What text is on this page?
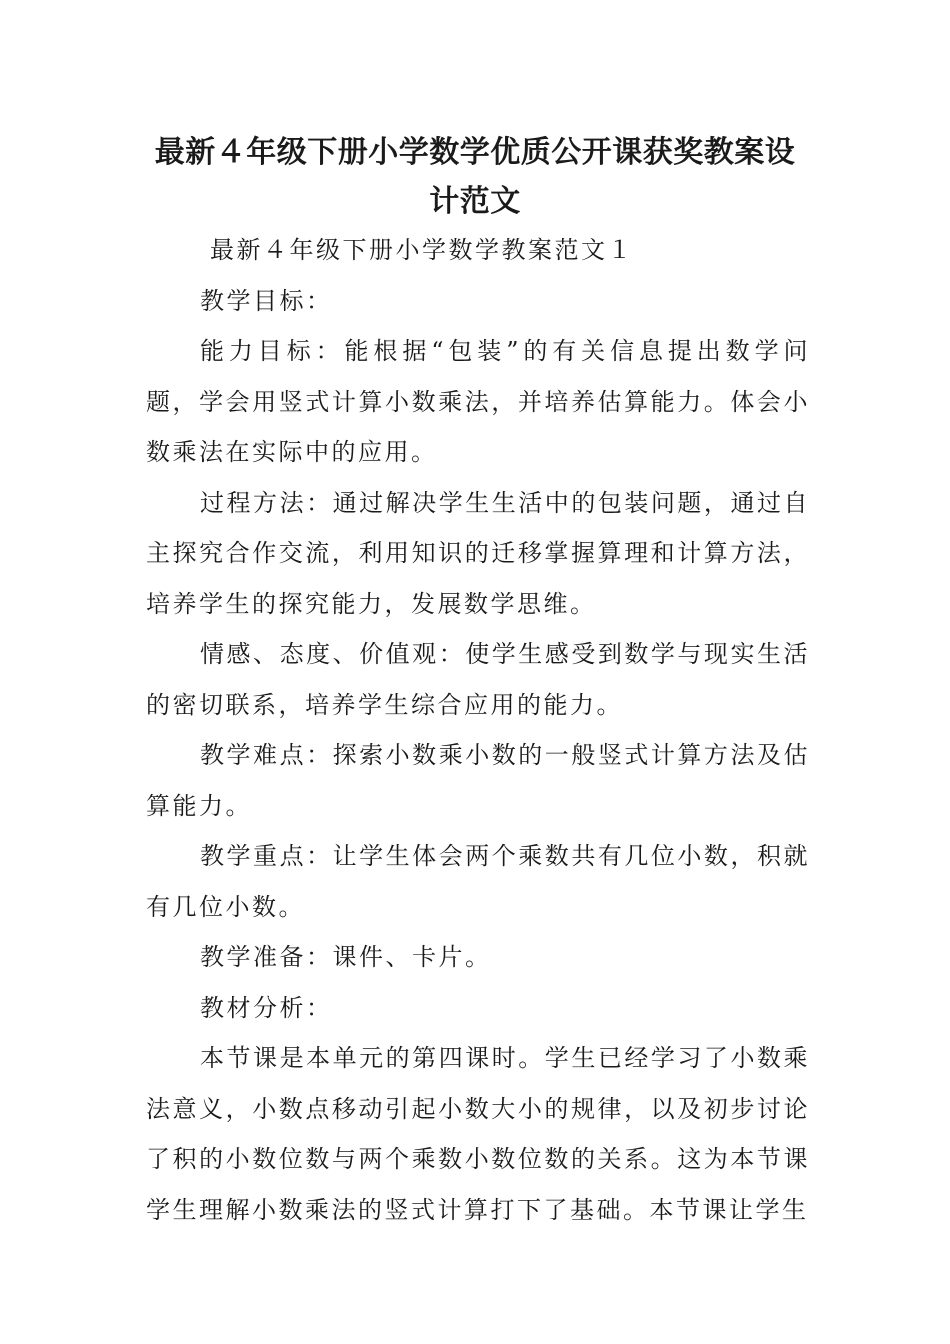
最新４年级下册小学数学优质公开课获奖教案设计范文

最新４年级下册小学数学教案范文１

教学目标：

能力目标：能根据“包装”的有关信息提出数学问题，学会用竖式计算小数乘法，并培养估算能力。体会小数乘法在实际中的应用。

过程方法：通过解决学生生活中的包装问题，通过自主探究合作交流，利用知识的迁移掌握算理和计算方法，培养学生的探究能力，发展数学思维。

情感、态度、价值观：使学生感受到数学与现实生活的密切联系，培养学生综合应用的能力。

教学难点：探索小数乘小数的一般竖式计算方法及估算能力。

教学重点：让学生体会两个乘数共有几位小数，积就有几位小数。

教学准备：课件、卡片。

教材分析：

本节课是本单元的第四课时。学生已经学习了小数乘法意义，小数点移动引起小数大小的规律，以及初步讨论了积的小数位数与两个乘数小数位数的关系。这为本节课学生理解小数乘法的竖式计算打下了基础。本节课让学生
